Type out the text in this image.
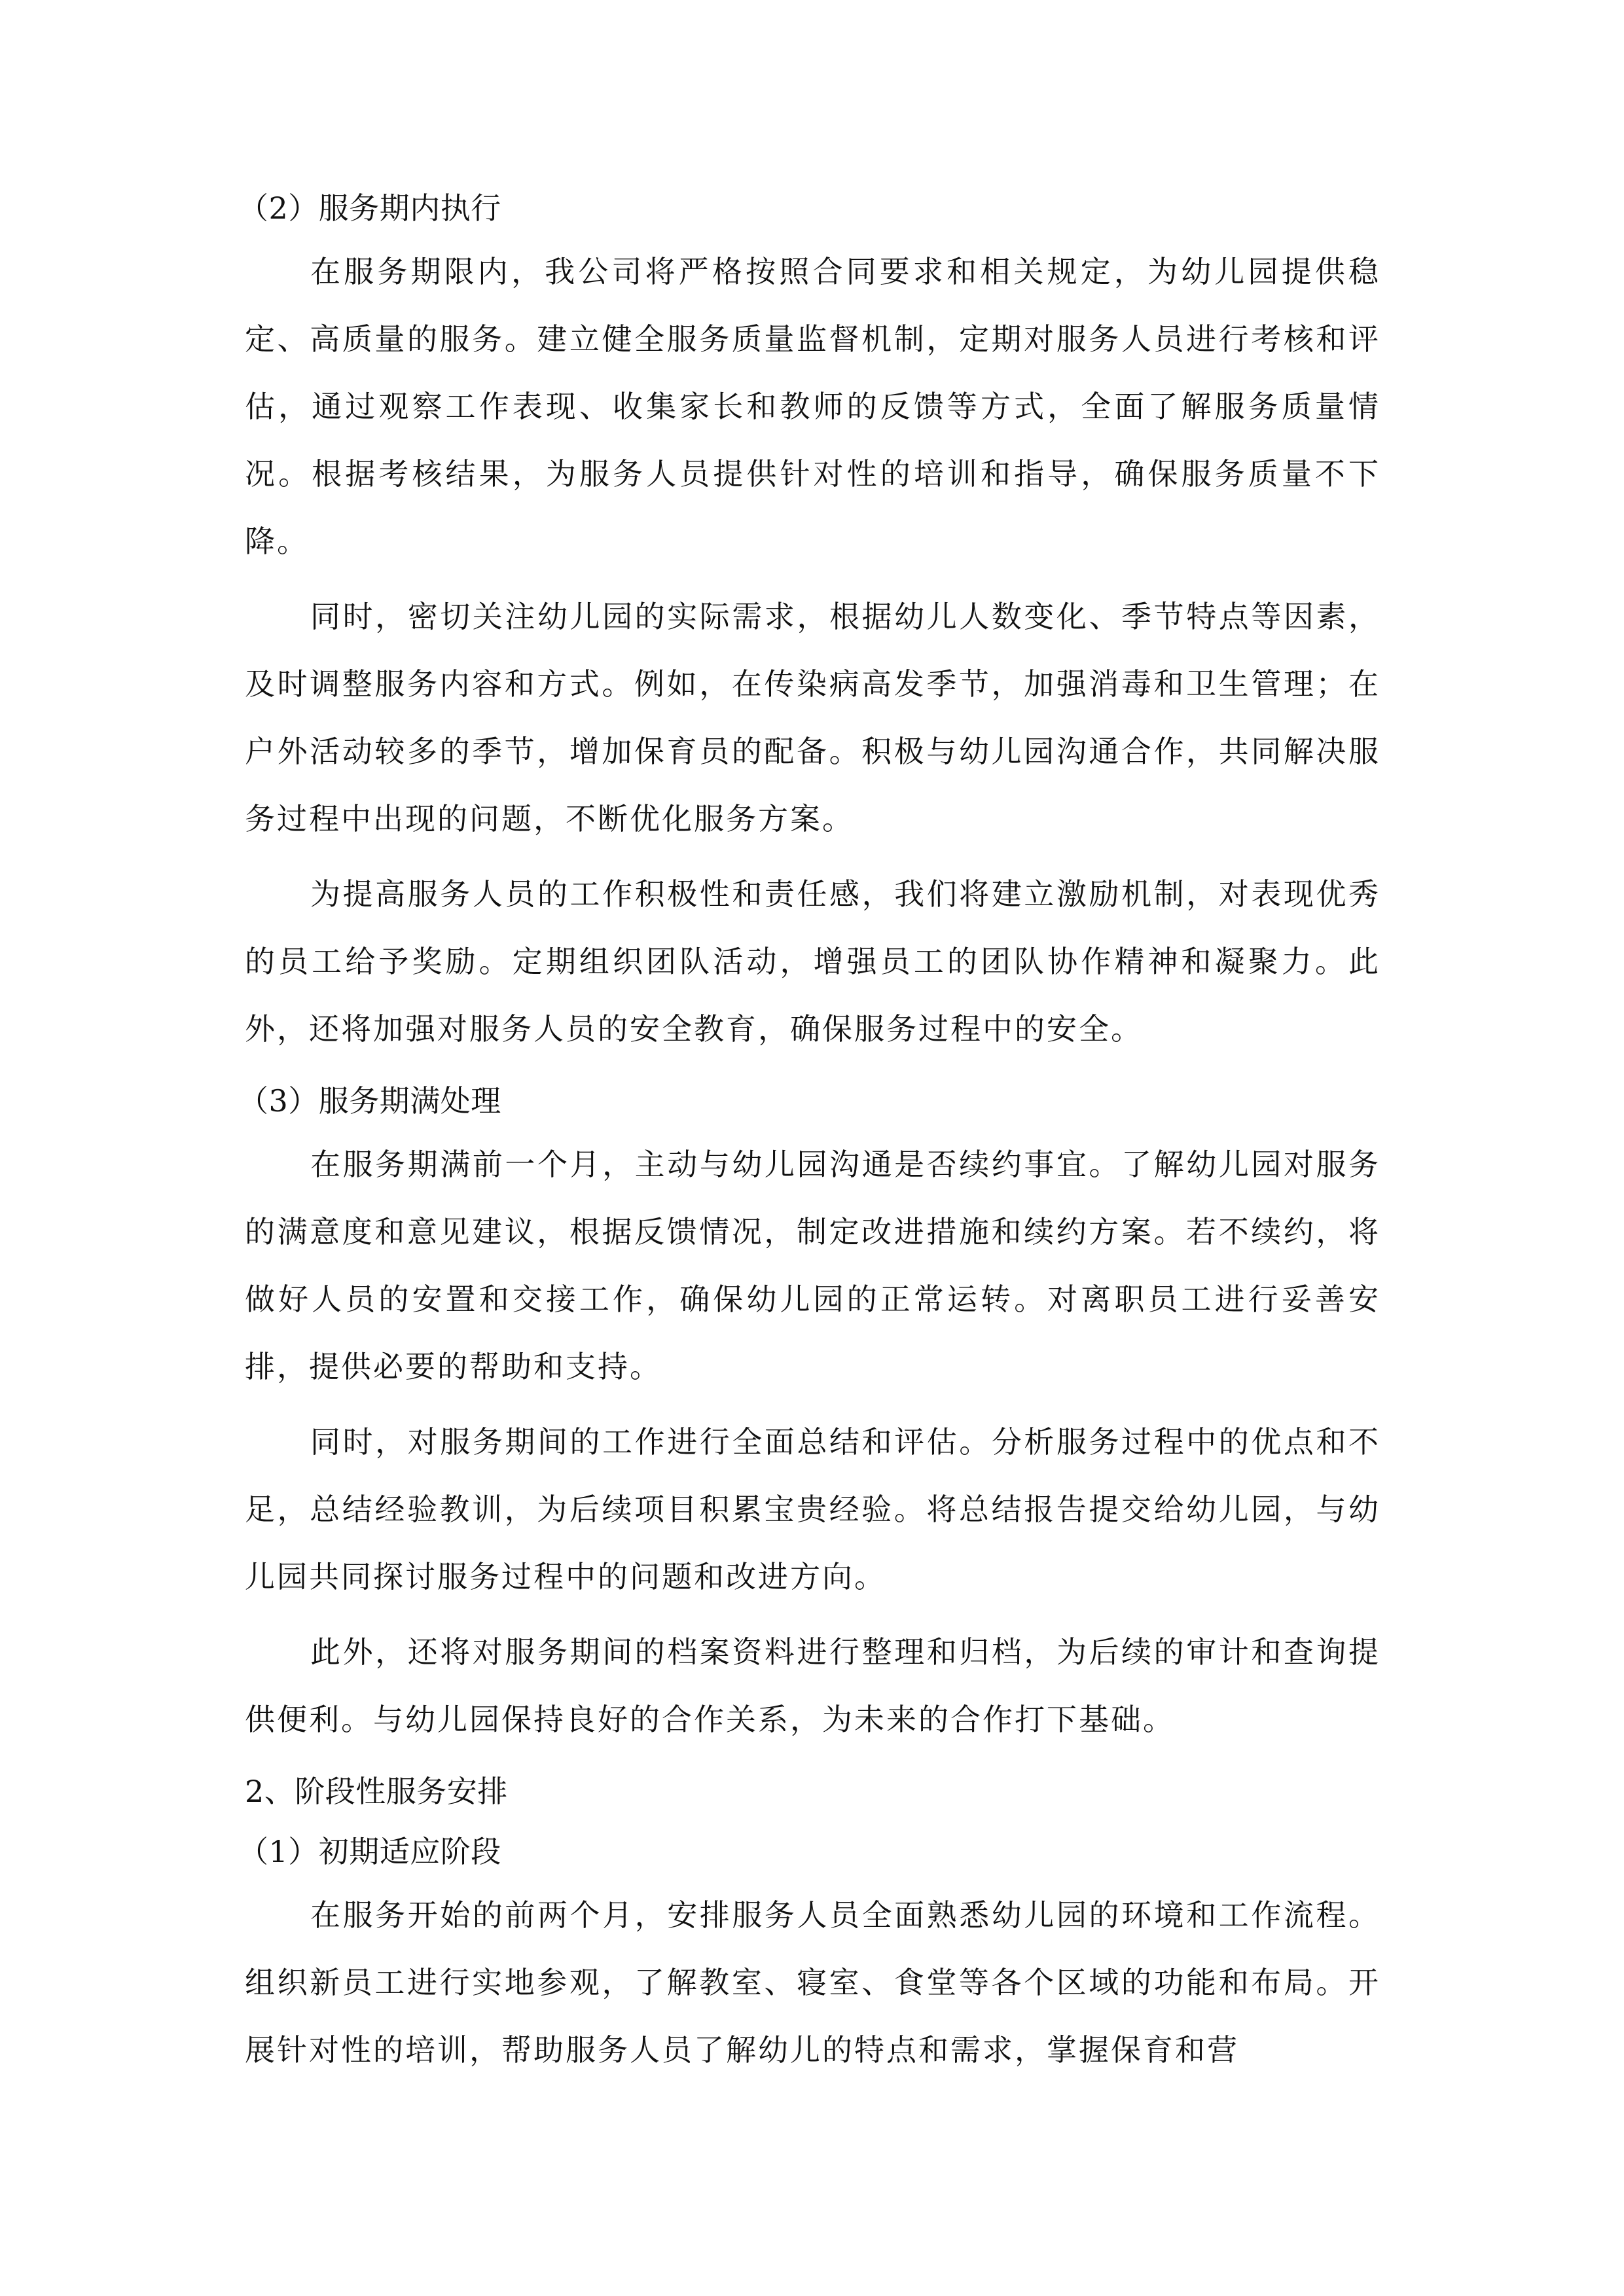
（2）服务期内执行

在服务期限内，我公司将严格按照合同要求和相关规定，为幼儿园提供稳定、高质量的服务。建立健全服务质量监督机制，定期对服务人员进行考核和评估，通过观察工作表现、收集家长和教师的反馈等方式，全面了解服务质量情况。根据考核结果，为服务人员提供针对性的培训和指导，确保服务质量不下降。

同时，密切关注幼儿园的实际需求，根据幼儿人数变化、季节特点等因素，及时调整服务内容和方式。例如，在传染病高发季节，加强消毒和卫生管理；在户外活动较多的季节，增加保育员的配备。积极与幼儿园沟通合作，共同解决服务过程中出现的问题，不断优化服务方案。

为提高服务人员的工作积极性和责任感，我们将建立激励机制，对表现优秀的员工给予奖励。定期组织团队活动，增强员工的团队协作精神和凝聚力。此外，还将加强对服务人员的安全教育，确保服务过程中的安全。

（3）服务期满处理

在服务期满前一个月，主动与幼儿园沟通是否续约事宜。了解幼儿园对服务的满意度和意见建议，根据反馈情况，制定改进措施和续约方案。若不续约，将做好人员的安置和交接工作，确保幼儿园的正常运转。对离职员工进行妥善安排，提供必要的帮助和支持。

同时，对服务期间的工作进行全面总结和评估。分析服务过程中的优点和不足，总结经验教训，为后续项目积累宝贵经验。将总结报告提交给幼儿园，与幼儿园共同探讨服务过程中的问题和改进方向。

此外，还将对服务期间的档案资料进行整理和归档，为后续的审计和查询提供便利。与幼儿园保持良好的合作关系，为未来的合作打下基础。

2、阶段性服务安排

（1）初期适应阶段

在服务开始的前两个月，安排服务人员全面熟悉幼儿园的环境和工作流程。组织新员工进行实地参观，了解教室、寝室、食堂等各个区域的功能和布局。开展针对性的培训，帮助服务人员了解幼儿的特点和需求，掌握保育和营
